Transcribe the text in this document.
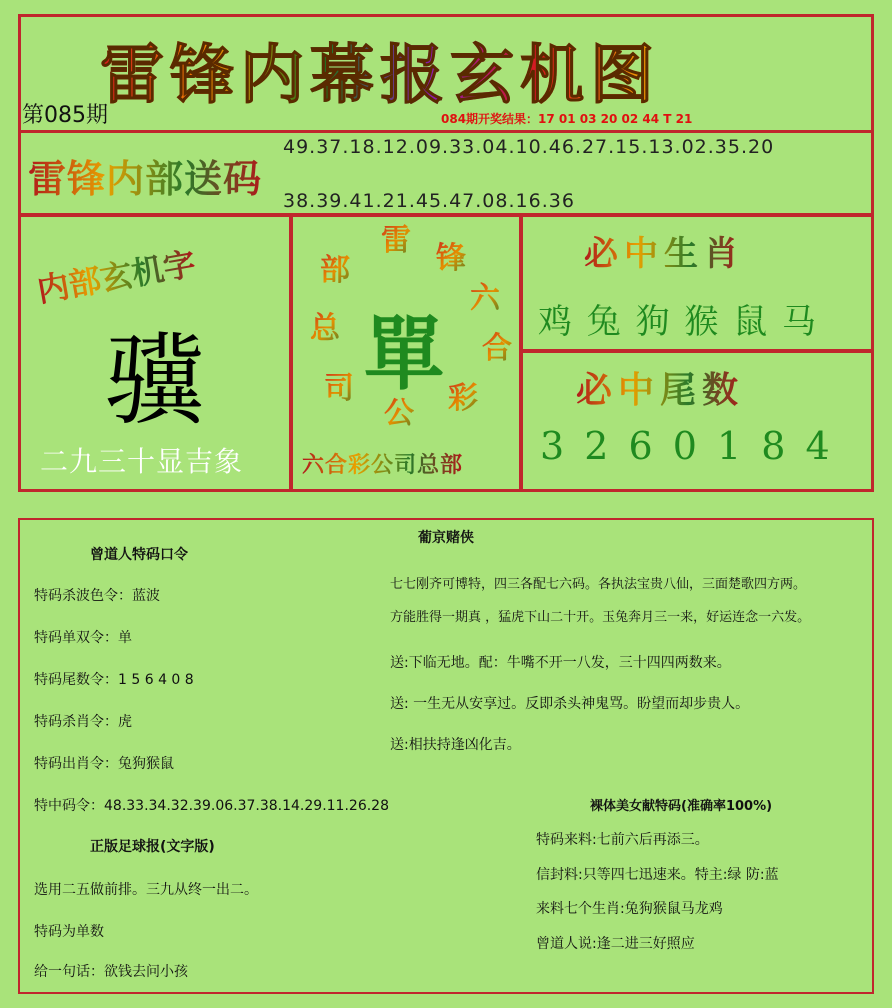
雷锋内幕报玄机图
第085期	084期开奖结果：17 01 03 20 02 44 T 21
雷锋内部送码
49.37.18.12.09.33.04.10.46.27.15.13.02.35.20
38.39.41.21.45.47.08.16.36
内部玄机字
骥
二九三十显吉象
雷
锋
六
合
彩
公
司
总
部
單
六合彩公司总部
必中生肖
鸡 兔 狗 猴 鼠 马
必中尾数
3 2 6 0 1 8 4
葡京赌侠
曾道人特码口令
特码杀波色令：蓝波
特码单双令：单
特码尾数令：1 5 6 4 0 8
特码杀肖令：虎
特码出肖令：兔狗猴鼠
特中码令：48.33.34.32.39.06.37.38.14.29.11.26.28
正版足球报(文字版)
选用二五做前排。三九从终一出二。
特码为单数
给一句话：欲钱去问小孩
七七刚齐可博特，四三各配七六码。各执法宝贵八仙，三面楚歌四方两。
方能胜得一期真 ，猛虎下山二十开。玉兔奔月三一来，好运连念一六发。
送:下临无地。配：牛嘴不开一八发，三十四四两数来。
送: 一生无从安享过。反即杀头神鬼骂。盼望而却步贵人。
送:相扶持逢凶化吉。
裸体美女献特码(准确率100%)
特码来料:七前六后再添三。
信封料:只等四七迅速来。特主:绿 防:蓝
来料七个生肖:兔狗猴鼠马龙鸡
曾道人说:逢二进三好照应
